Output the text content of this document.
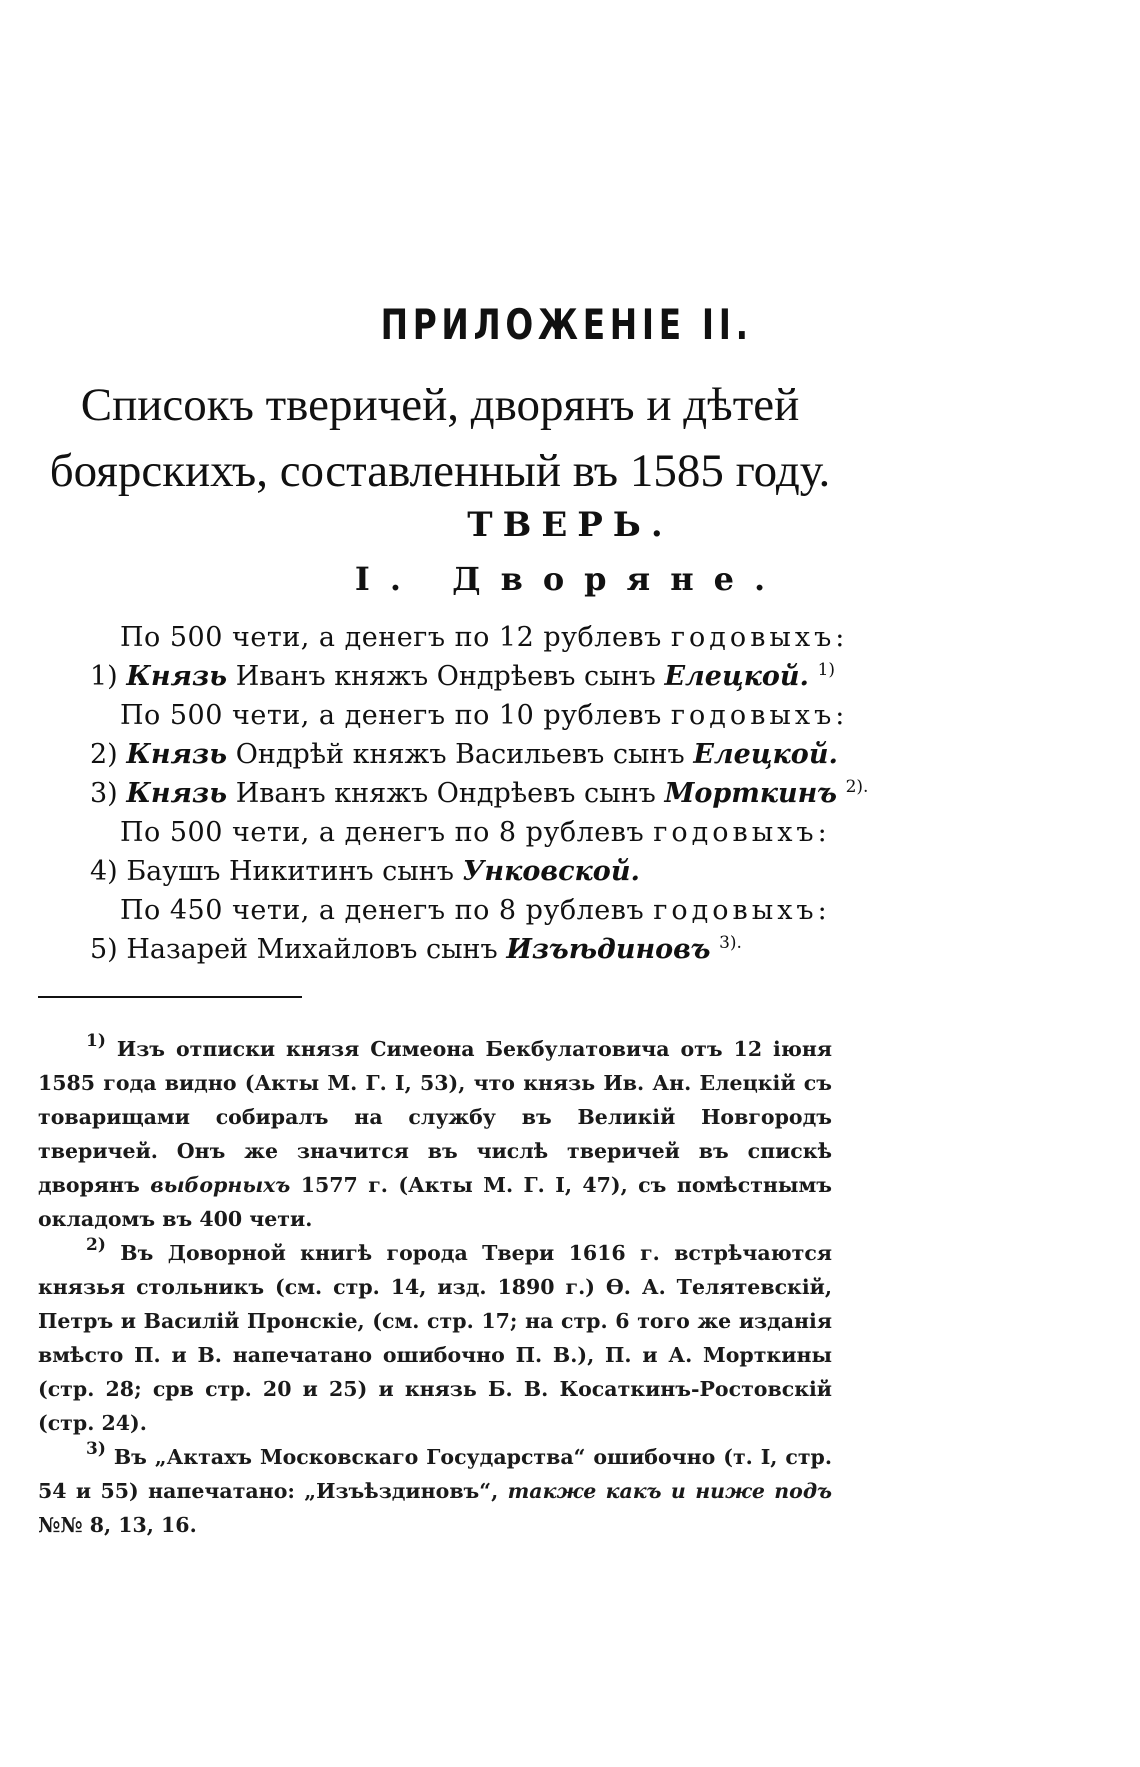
ПРИЛОЖЕНІЕ II.
Списокъ тверичей, дворянъ и дѣтей боярскихъ, составленный въ 1585 году.
ТВЕРЬ.
I. Дворяне.
По 500 чети, а денегъ по 12 рублевъ годовыхъ:
1) Князь Иванъ княжъ Ондрѣевъ сынъ Елецкой. $^{1)}$
По 500 чети, а денегъ по 10 рублевъ годовыхъ:
2) Князь Ондрѣй княжъ Васильевъ сынъ Елецкой.
3) Князь Иванъ княжъ Ондрѣевъ сынъ Морткинъ $^{2).}$
По 500 чети, а денегъ по 8 рублевъ годовыхъ:
4) Баушъ Никитинъ сынъ Унковской.
По 450 чети, а денегъ по 8 рублевъ годовыхъ:
5) Назарей Михайловъ сынъ Изъѣдиновъ $^{3).}$

$^{1)}$ Изъ отписки князя Симеона Бекбулатовича отъ 12 іюня 1585 года видно (Акты М. Г. I, 53), что князь Ив. Ан. Елецкій съ товарищами собиралъ на службу въ Великій Новгородъ тверичей. Онъ же значится въ числѣ тверичей въ спискѣ дворянъ выборныхъ 1577 г. (Акты М. Г. I, 47), съ помѣстнымъ окладомъ въ 400 чети.

$^{2)}$ Въ Доворной книгѣ города Твери 1616 г. встрѣчаются князья стольникъ (см. стр. 14, изд. 1890 г.) Ѳ. А. Телятевскій, Петръ и Василій Пронскіе, (см. стр. 17; на стр. 6 того же изданія вмѣсто П. и В. напечатано ошибочно П. В.), П. и А. Морткины (стр. 28; срв стр. 20 и 25) и князь Б. В. Косаткинъ-Ростовскій (стр. 24).

$^{3)}$ Въ „Актахъ Московскаго Государства“ ошибочно (т. I, стр. 54 и 55) напечатано: „Изъѣздиновъ“, также какъ и ниже подъ №№ 8, 13, 16.
